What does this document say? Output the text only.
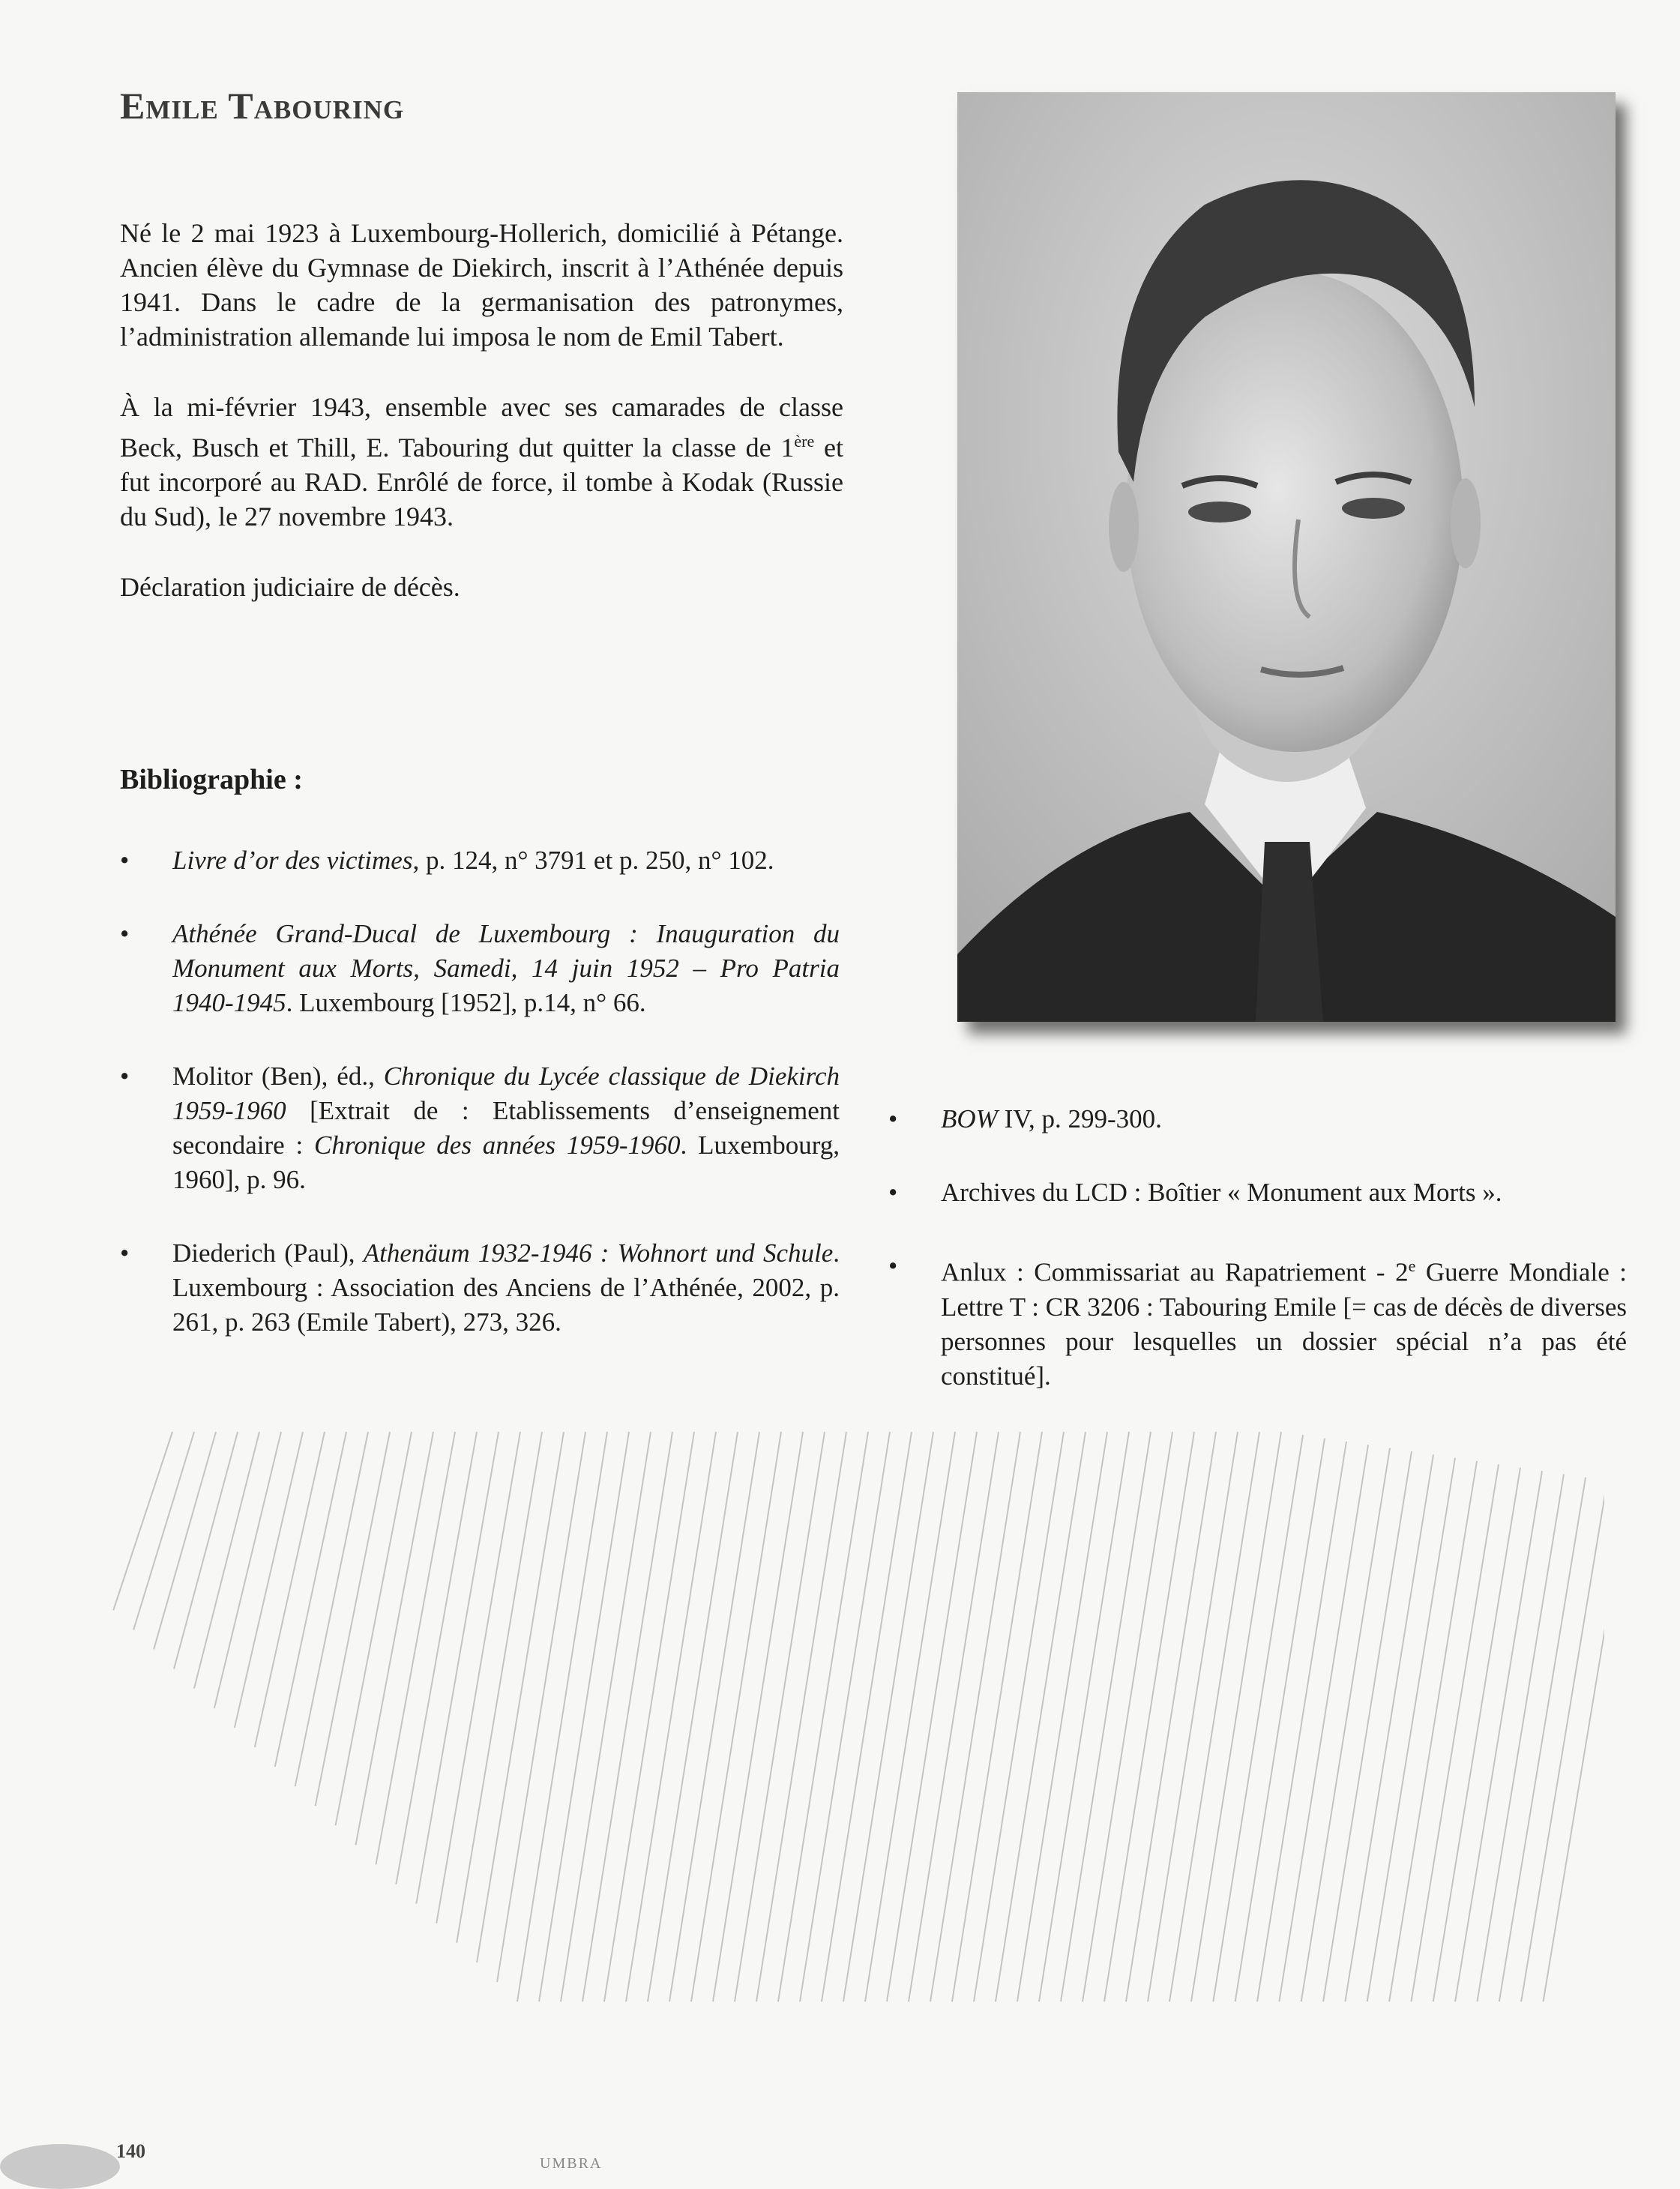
Emile Tabouring

Né le 2 mai 1923 à Luxembourg-Hollerich, domicilié à Pétange. Ancien élève du Gymnase de Diekirch, inscrit à l’Athénée depuis 1941. Dans le cadre de la germanisation des patronymes, l’administration allemande lui imposa le nom de Emil Tabert.

À la mi-février 1943, ensemble avec ses camarades de classe Beck, Busch et Thill, E. Tabouring dut quitter la classe de 1ère et fut incorporé au RAD. Enrôlé de force, il tombe à Kodak (Russie du Sud), le 27 novembre 1943.

Déclaration judiciaire de décès.

Bibliographie :
• Livre d’or des victimes, p. 124, n° 3791 et p. 250, n° 102.
• Athénée Grand-Ducal de Luxembourg : Inauguration du Monument aux Morts, Samedi, 14 juin 1952 – Pro Patria 1940-1945. Luxembourg [1952], p.14, n° 66.
• Molitor (Ben), éd., Chronique du Lycée classique de Diekirch 1959-1960 [Extrait de : Etablissements d’enseignement secondaire : Chronique des années 1959-1960. Luxembourg, 1960], p. 96.
• Diederich (Paul), Athenäum 1932-1946 : Wohnort und Schule. Luxembourg : Association des Anciens de l’Athénée, 2002, p. 261, p. 263 (Emile Tabert), 273, 326.
• BOW IV, p. 299-300.
• Archives du LCD : Boîtier « Monument aux Morts ».
• Anlux : Commissariat au Rapatriement - 2e Guerre Mondiale : Lettre T : CR 3206 : Tabouring Emile [= cas de décès de diverses personnes pour lesquelles un dossier spécial n’a pas été constitué].
140
UMBRA
